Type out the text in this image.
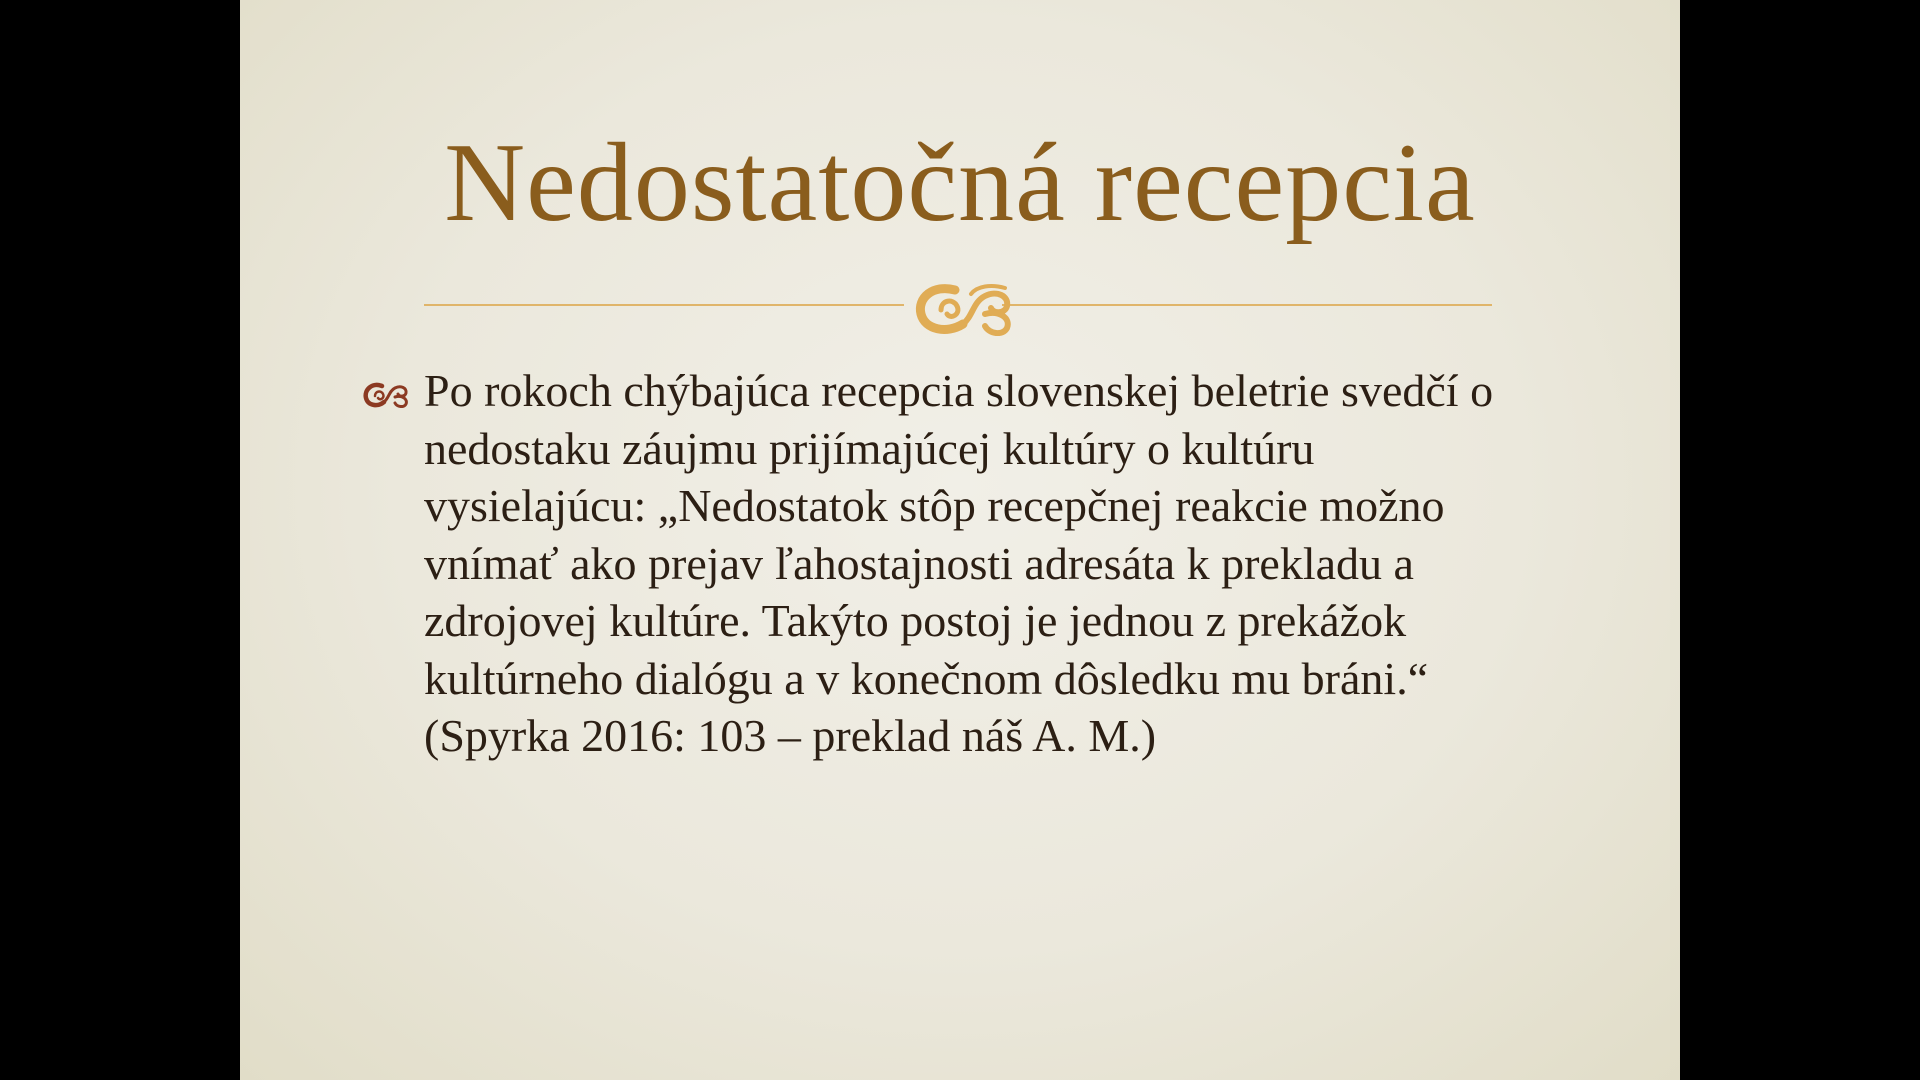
Nedostatočná recepcia

Po rokoch chýbajúca recepcia slovenskej beletrie svedčí o nedostaku záujmu prijímajúcej kultúry o kultúru vysielajúcu: „Nedostatok stôp recepčnej reakcie možno vnímať ako prejav ľahostajnosti adresáta k prekladu a zdrojovej kultúre. Takýto postoj je jednou z prekážok kultúrneho dialógu a v konečnom dôsledku mu bráni.“ (Spyrka 2016: 103 – preklad náš A. M.)
